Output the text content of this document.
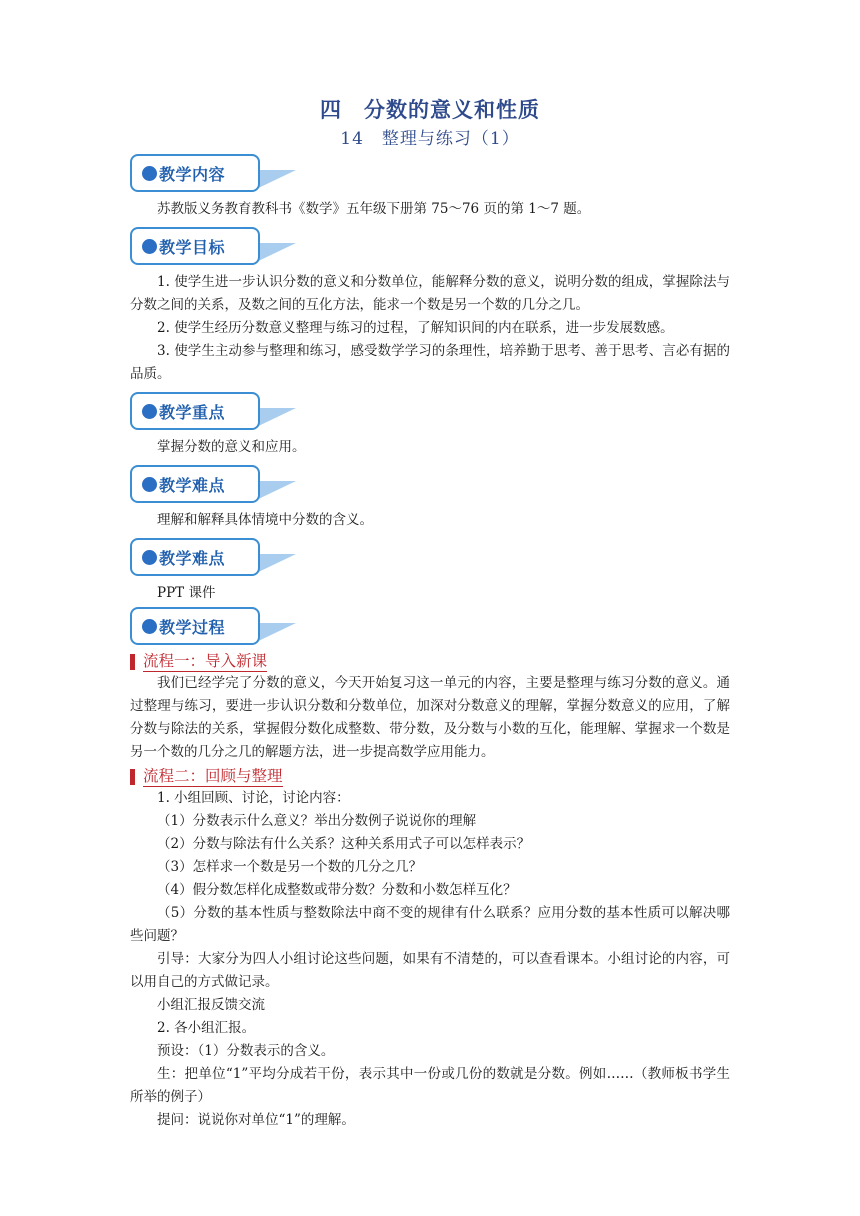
四　分数的意义和性质
14　整理与练习（1）
教学内容

苏教版义务教育教科书《数学》五年级下册第 75～76 页的第 1～7 题。

教学目标

1. 使学生进一步认识分数的意义和分数单位，能解释分数的意义，说明分数的组成，掌握除法与分数之间的关系，及数之间的互化方法，能求一个数是另一个数的几分之几。

2. 使学生经历分数意义整理与练习的过程，了解知识间的内在联系，进一步发展数感。

3. 使学生主动参与整理和练习，感受数学学习的条理性，培养勤于思考、善于思考、言必有据的品质。

教学重点

掌握分数的意义和应用。

教学难点

理解和解释具体情境中分数的含义。

教学难点

PPT 课件

教学过程
流程一：导入新课

我们已经学完了分数的意义，今天开始复习这一单元的内容，主要是整理与练习分数的意义。通过整理与练习，要进一步认识分数和分数单位，加深对分数意义的理解，掌握分数意义的应用，了解分数与除法的关系，掌握假分数化成整数、带分数，及分数与小数的互化，能理解、掌握求一个数是另一个数的几分之几的解题方法，进一步提高数学应用能力。

流程二：回顾与整理

1. 小组回顾、讨论，讨论内容：

（1）分数表示什么意义？举出分数例子说说你的理解

（2）分数与除法有什么关系？这种关系用式子可以怎样表示？

（3）怎样求一个数是另一个数的几分之几？

（4）假分数怎样化成整数或带分数？分数和小数怎样互化？

（5）分数的基本性质与整数除法中商不变的规律有什么联系？应用分数的基本性质可以解决哪些问题？

引导：大家分为四人小组讨论这些问题，如果有不清楚的，可以查看课本。小组讨论的内容，可以用自己的方式做记录。

小组汇报反馈交流

2. 各小组汇报。

预设：（1）分数表示的含义。

生：把单位“1”平均分成若干份，表示其中一份或几份的数就是分数。例如……（教师板书学生所举的例子）

提问：说说你对单位“1”的理解。
